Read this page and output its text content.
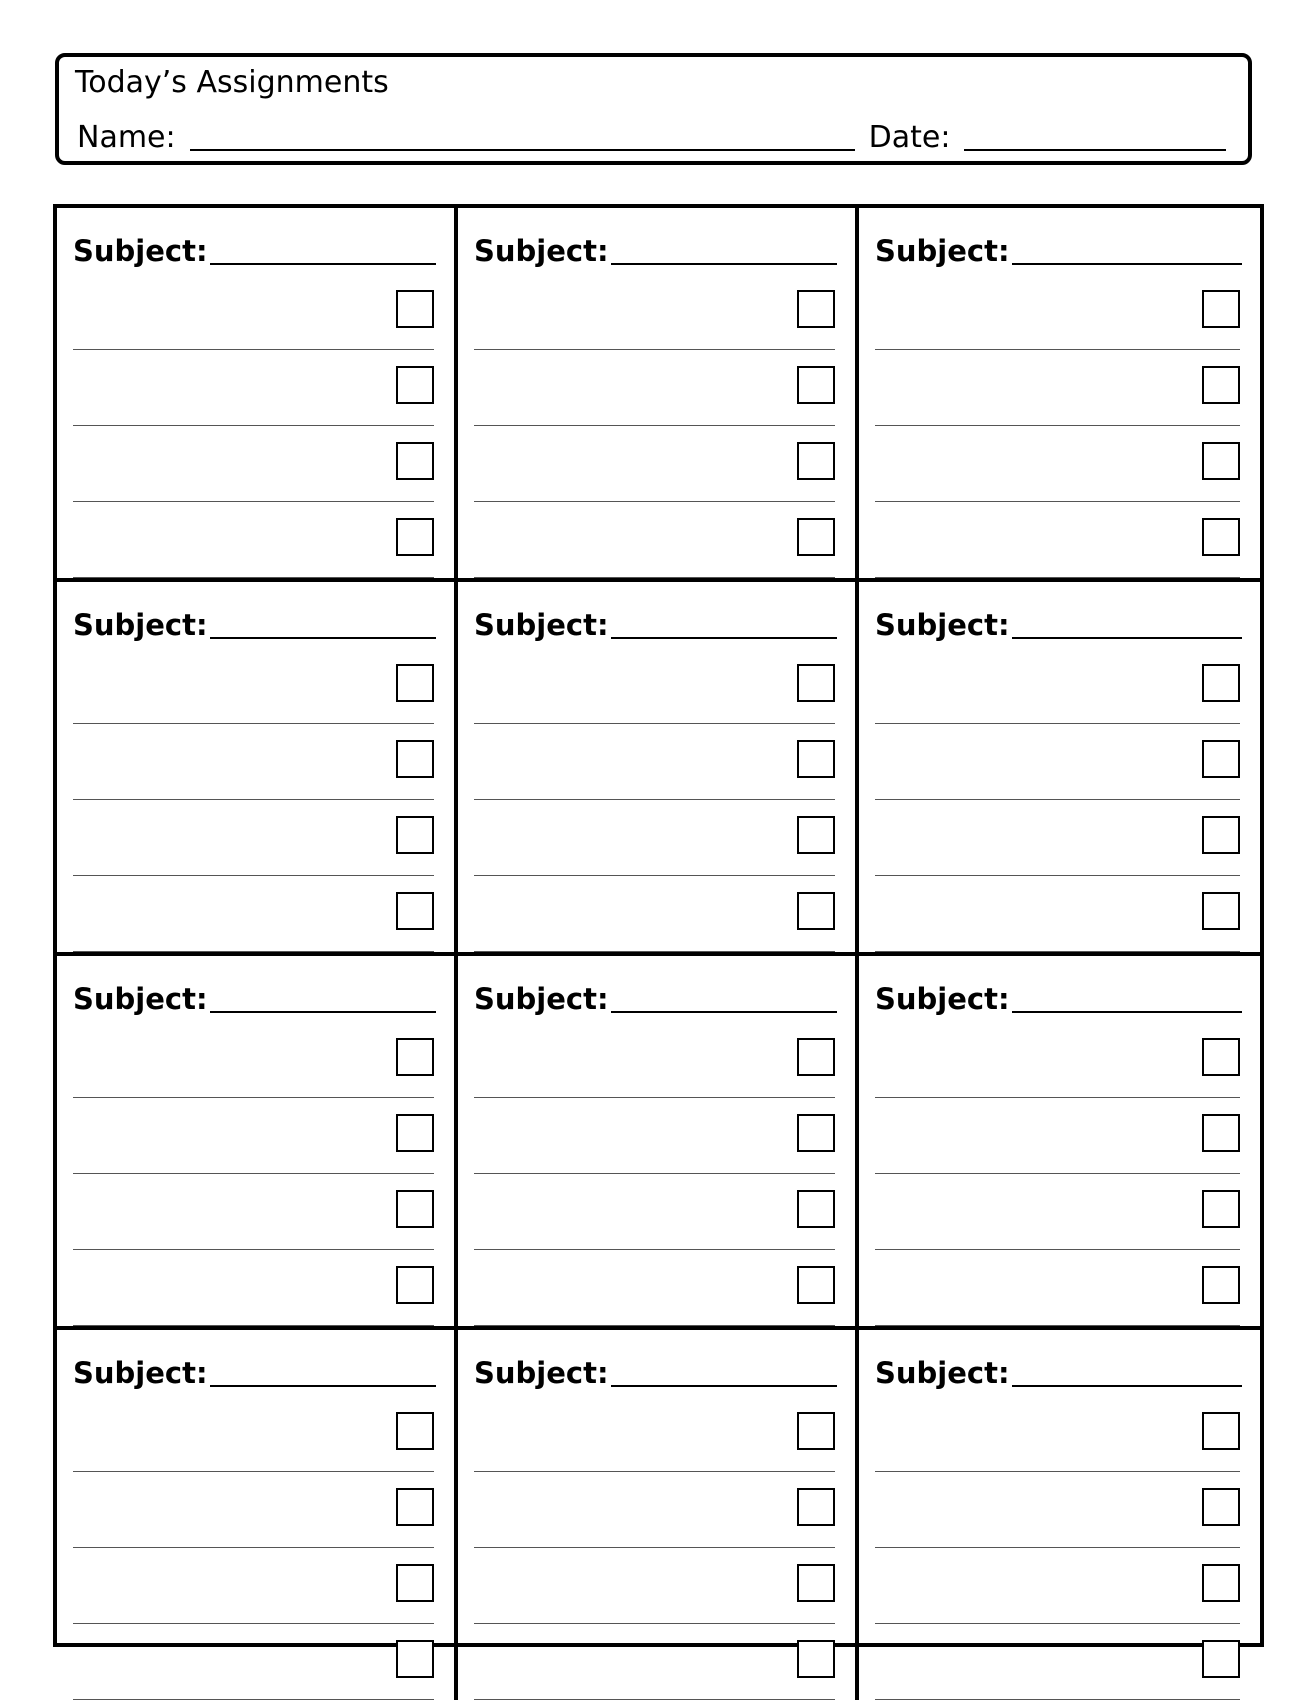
Today’s Assignments
Name:	Date:
Subject:	Subject:	Subject:
Subject:	Subject:	Subject:
Subject:	Subject:	Subject:
Subject:	Subject:	Subject:
